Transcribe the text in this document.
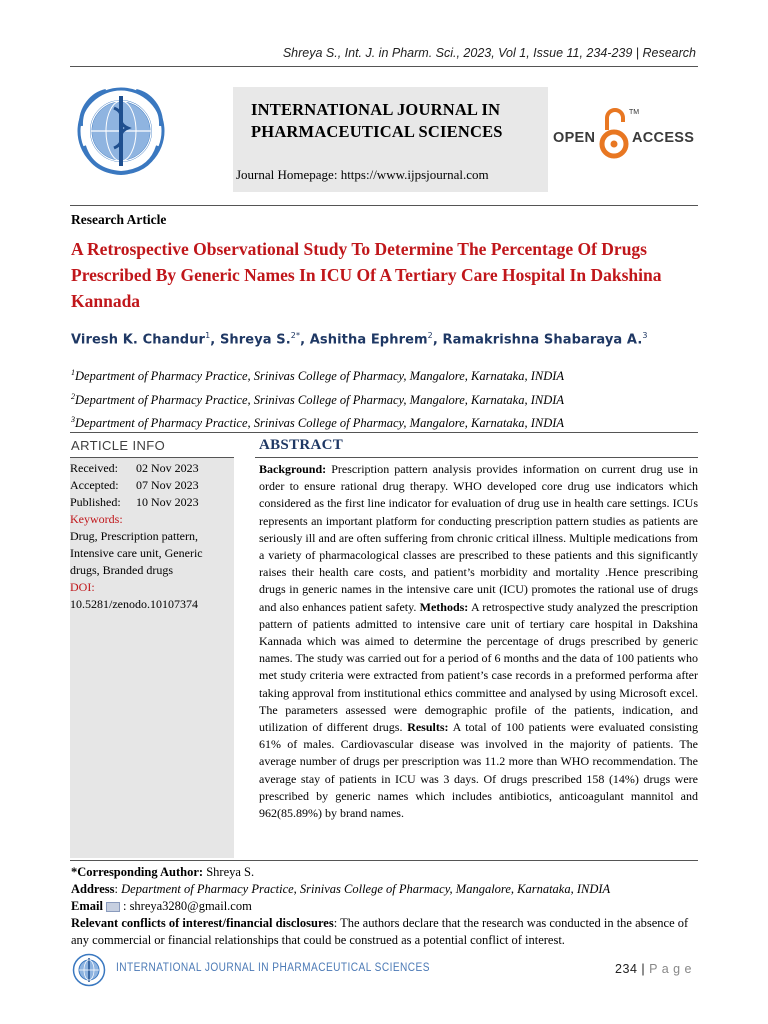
Shreya S., Int. J. in Pharm. Sci., 2023, Vol 1, Issue 11, 234-239 | Research
INTERNATIONAL JOURNAL IN PHARMACEUTICAL SCIENCES
Journal Homepage: https://www.ijpsjournal.com
OPEN
TM
ACCESS
Research Article
A Retrospective Observational Study To Determine The Percentage Of Drugs Prescribed By Generic Names In ICU Of A Tertiary Care Hospital In Dakshina Kannada
Viresh K. Chandur$^1$, Shreya S.$^{2*}$, Ashitha Ephrem$^2$, Ramakrishna Shabaraya A.$^3$
$^1$Department of Pharmacy Practice, Srinivas College of Pharmacy, Mangalore, Karnataka, INDIA
$^2$Department of Pharmacy Practice, Srinivas College of Pharmacy, Mangalore, Karnataka, INDIA
$^3$Department of Pharmacy Practice, Srinivas College of Pharmacy, Mangalore, Karnataka, INDIA
ARTICLE INFO
Received: 02 Nov 2023
Accepted: 07 Nov 2023
Published: 10 Nov 2023
Keywords:
Drug, Prescription pattern, Intensive care unit, Generic drugs, Branded drugs
DOI:
10.5281/zenodo.10107374
ABSTRACT
Background: Prescription pattern analysis provides information on current drug use in order to ensure rational drug therapy. WHO developed core drug use indicators which considered as the first line indicator for evaluation of drug use in health care settings. ICUs represents an important platform for conducting prescription pattern studies as patients are seriously ill and are often suffering from chronic critical illness. Multiple medications from a variety of pharmacological classes are prescribed to these patients and this significantly raises their health care costs, and patient’s morbidity and mortality .Hence prescribing drugs in generic names in the intensive care unit (ICU) promotes the rational use of drugs and also enhances patient safety. Methods: A retrospective study analyzed the prescription pattern of patients admitted to intensive care unit of tertiary care hospital in Dakshina Kannada which was aimed to determine the percentage of drugs prescribed by generic names. The study was carried out for a period of 6 months and the data of 100 patients who met study criteria were extracted from patient’s case records in a preformed performa after taking approval from institutional ethics committee and analysed by using Microsoft excel. The parameters assessed were demographic profile of the patients, indication, and utilization of different drugs. Results: A total of 100 patients were evaluated consisting 61% of males. Cardiovascular disease was involved in the majority of patients. The average number of drugs per prescription was 11.2 more than WHO recommendation. The average stay of patients in ICU was 3 days. Of drugs prescribed 158 (14%) drugs were prescribed by generic names which includes antibiotics, anticoagulant mannitol and 962(85.89%) by brand names.
*Corresponding Author: Shreya S.
Address: Department of Pharmacy Practice, Srinivas College of Pharmacy, Mangalore, Karnataka, INDIA
Email : shreya3280@gmail.com
Relevant conflicts of interest/financial disclosures: The authors declare that the research was conducted in the absence of any commercial or financial relationships that could be construed as a potential conflict of interest.
INTERNATIONAL JOURNAL IN PHARMACEUTICAL SCIENCES	234 | P a g e
